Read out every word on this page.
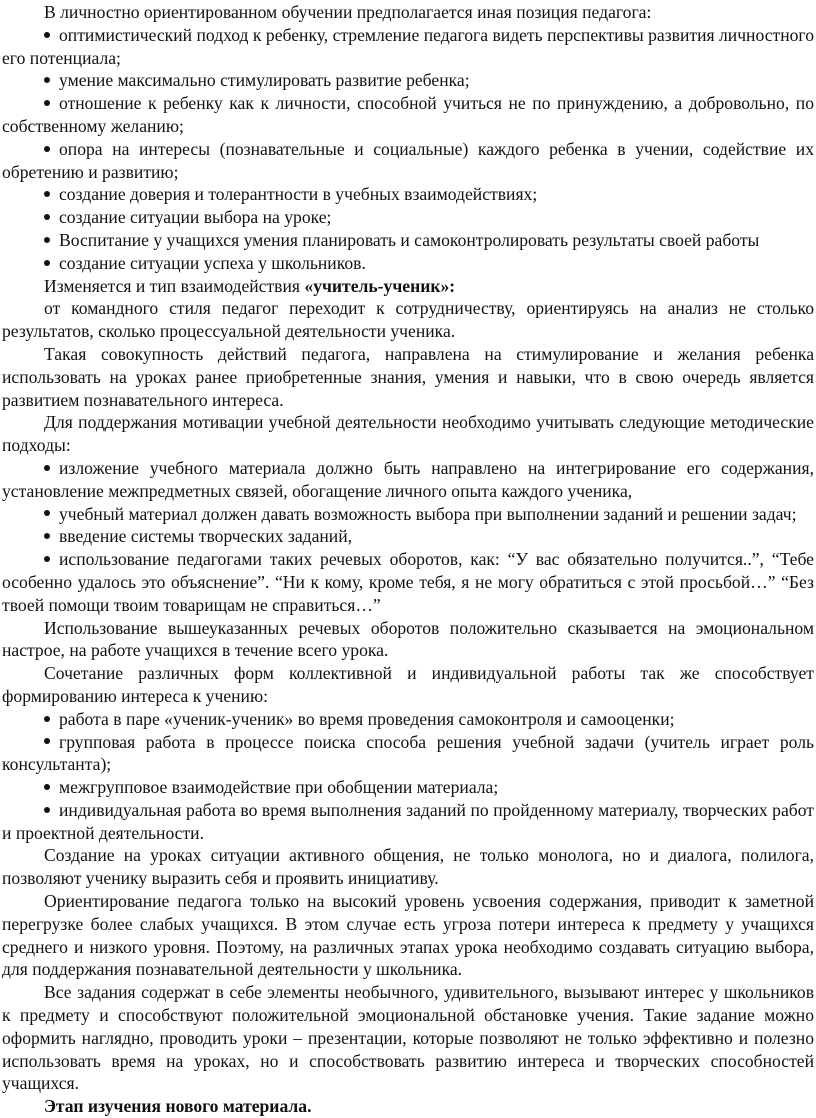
В личностно ориентированном обучении предполагается иная позиция педагога:

оптимистический подход к ребенку, стремление педагога видеть перспективы развития личностного его потенциала;

умение максимально стимулировать развитие ребенка;

отношение к ребенку как к личности, способной учиться не по принуждению, а добровольно, по собственному желанию;

опора на интересы (познавательные и социальные) каждого ребенка в учении, содействие их обретению и развитию;

создание доверия и толерантности в учебных взаимодействиях;

создание ситуации выбора на уроке;

Воспитание у учащихся умения планировать и самоконтролировать результаты своей работы

создание ситуации успеха у школьников.

Изменяется и тип взаимодействия «учитель-ученик»:

от командного стиля педагог переходит к сотрудничеству, ориентируясь на анализ не столько результатов, сколько процессуальной деятельности ученика.

Такая совокупность действий педагога, направлена на стимулирование и желания ребенка использовать на уроках ранее приобретенные знания, умения и навыки, что в свою очередь является развитием познавательного интереса.

Для поддержания мотивации учебной деятельности необходимо учитывать следующие методические подходы:

изложение учебного материала должно быть направлено на интегрирование его содержания, установление межпредметных связей, обогащение личного опыта каждого ученика,

учебный материал должен давать возможность выбора при выполнении заданий и решении задач;

введение системы творческих заданий,

использование педагогами таких речевых оборотов, как: “У вас обязательно получится..”, “Тебе особенно удалось это объяснение”. “Ни к кому, кроме тебя, я не могу обратиться с этой просьбой…” “Без твоей помощи твоим товарищам не справиться…”

Использование вышеуказанных речевых оборотов положительно сказывается на эмоциональном настрое, на работе учащихся в течение всего урока.

Сочетание различных форм коллективной и индивидуальной работы так же способствует формированию интереса к учению:

работа в паре «ученик-ученик» во время проведения самоконтроля и самооценки;

групповая работа в процессе поиска способа решения учебной задачи (учитель играет роль консультанта);

межгрупповое взаимодействие при обобщении материала;

индивидуальная работа во время выполнения заданий по пройденному материалу, творческих работ и проектной деятельности.

Создание на уроках ситуации активного общения, не только монолога, но и диалога, полилога, позволяют ученику выразить себя и проявить инициативу.

Ориентирование педагога только на высокий уровень усвоения содержания, приводит к заметной перегрузке более слабых учащихся. В этом случае есть угроза потери интереса к предмету у учащихся среднего и низкого уровня. Поэтому, на различных этапах урока необходимо создавать ситуацию выбора, для поддержания познавательной деятельности у школьника.

Все задания содержат в себе элементы необычного, удивительного, вызывают интерес у школьников к предмету и способствуют положительной эмоциональной обстановке учения. Такие задание можно оформить наглядно, проводить уроки – презентации, которые позволяют не только эффективно и полезно использовать время на уроках, но и способствовать развитию интереса и творческих способностей учащихся.

Этап изучения нового материала.
